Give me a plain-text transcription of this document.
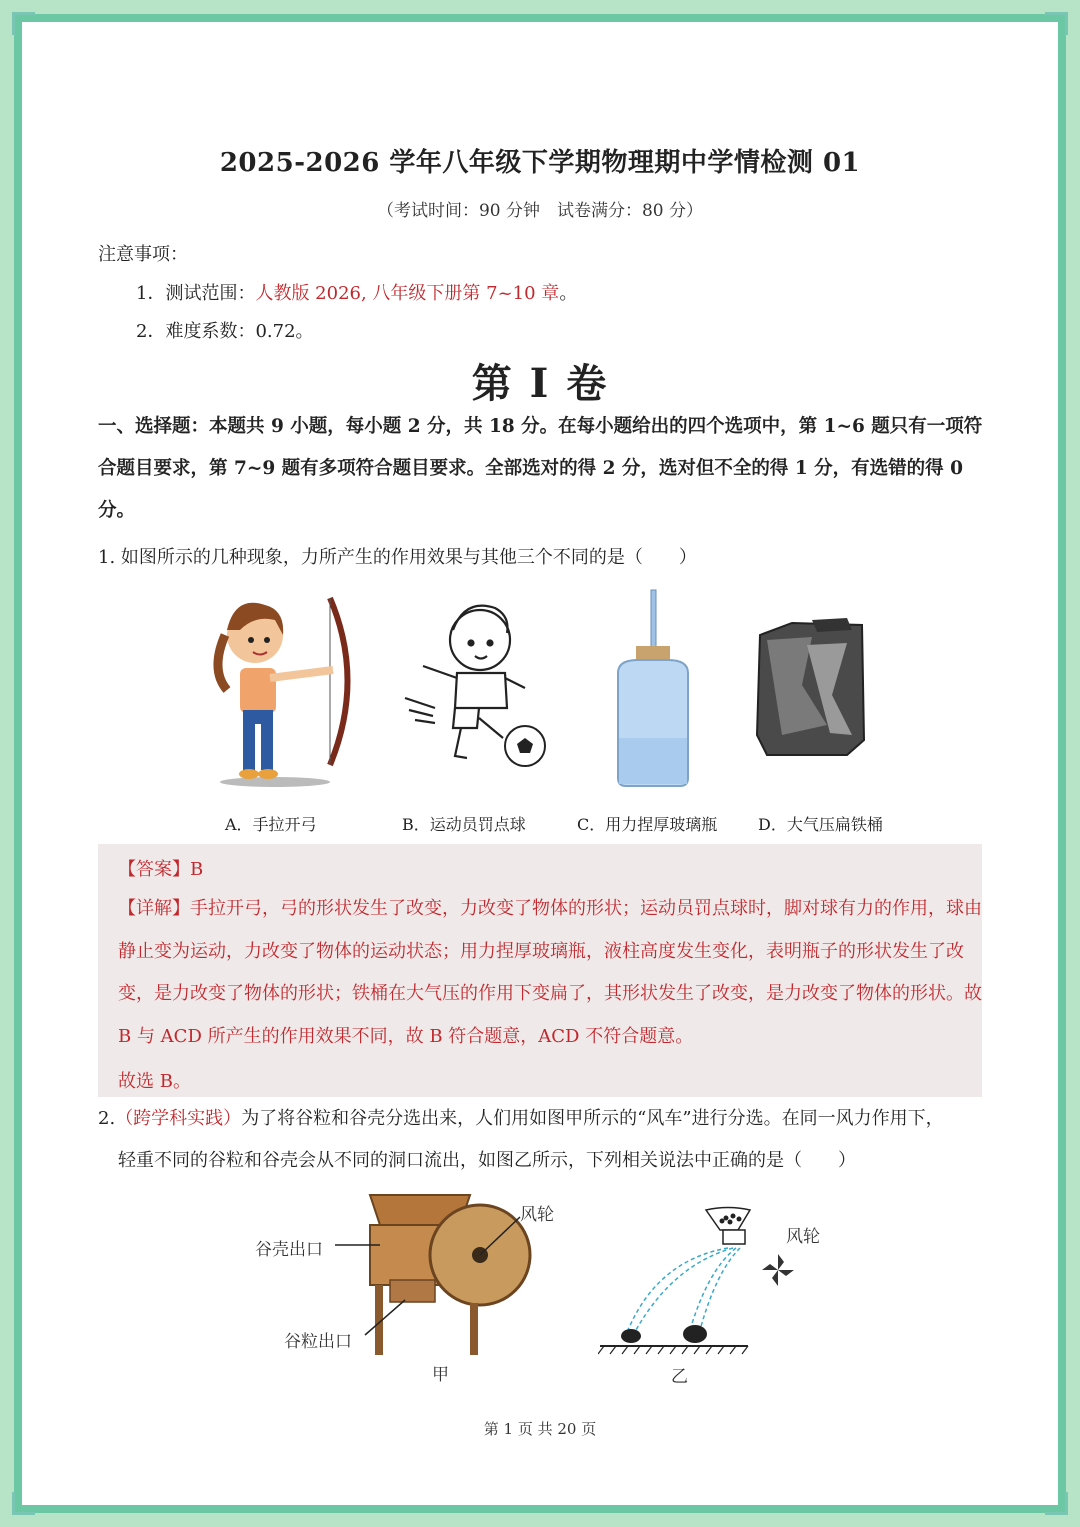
2025-2026 学年八年级下学期物理期中学情检测 01
（考试时间：90 分钟　试卷满分：80 分）
注意事项：
1．测试范围：人教版 2026, 八年级下册第 7~10 章。
2．难度系数：0.72。
第 I 卷
一、选择题：本题共 9 小题，每小题 2 分，共 18 分。在每小题给出的四个选项中，第 1~6 题只有一项符合题目要求，第 7~9 题有多项符合题目要求。全部选对的得 2 分，选对但不全的得 1 分，有选错的得 0 分。
1. 如图所示的几种现象，力所产生的作用效果与其他三个不同的是（　　）
A．手拉开弓	B．运动员罚点球	C．用力捏厚玻璃瓶	D．大气压扁铁桶
【答案】B
【详解】手拉开弓，弓的形状发生了改变，力改变了物体的形状；运动员罚点球时，脚对球有力的作用，球由静止变为运动，力改变了物体的运动状态；用力捏厚玻璃瓶，液柱高度发生变化，表明瓶子的形状发生了改变，是力改变了物体的形状；铁桶在大气压的作用下变扁了，其形状发生了改变，是力改变了物体的形状。故 B 与 ACD 所产生的作用效果不同，故 B 符合题意，ACD 不符合题意。
故选 B。
2.（跨学科实践）为了将谷粒和谷壳分选出来，人们用如图甲所示的“风车”进行分选。在同一风力作用下，
轻重不同的谷粒和谷壳会从不同的洞口流出，如图乙所示，下列相关说法中正确的是（　　）
谷壳出口
谷粒出口
风轮
甲
风轮
乙
第 1 页 共 20 页
